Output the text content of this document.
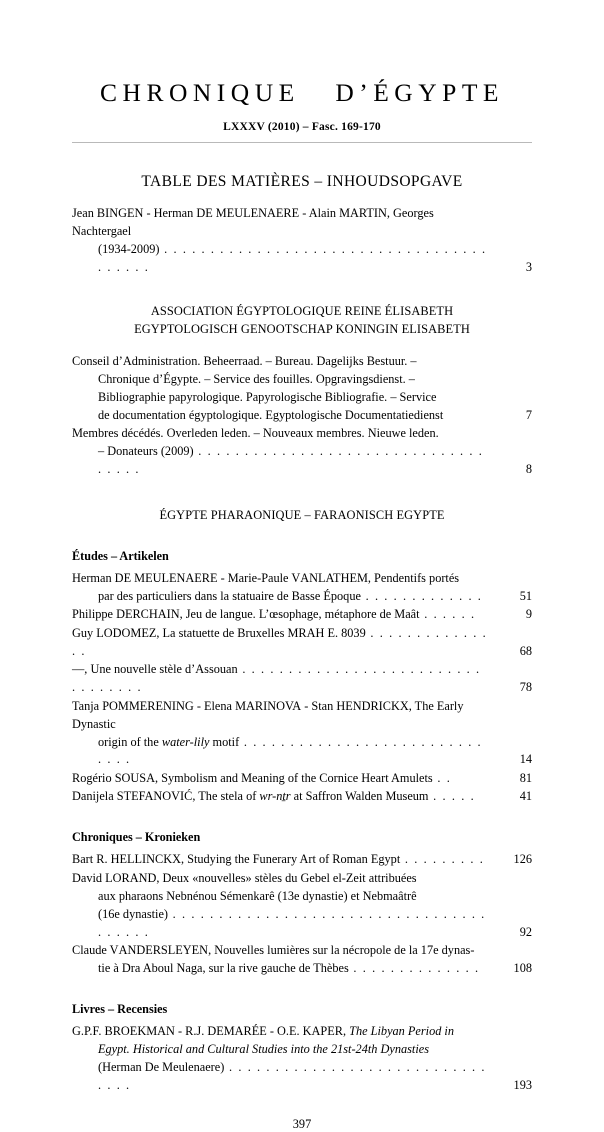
CHRONIQUE   D’ÉGYPTE
LXXXV (2010) – Fasc. 169-170
TABLE DES MATIÈRES – INHOUDSOPGAVE
Jean BINGEN - Herman DE MEULENAERE - Alain MARTIN, Georges Nachtergael
(1934-2009) . . . . . . . . . . . . . . . . . . . . . . . . . . . . . . . . . . . . . . . . .	3
ASSOCIATION ÉGYPTOLOGIQUE REINE ÉLISABETH
EGYPTOLOGISCH GENOOTSCHAP KONINGIN ELISABETH
Conseil d’Administration. Beheerraad. – Bureau. Dagelijks Bestuur. –
Chronique d’Égypte. – Service des fouilles. Opgravingsdienst. –
Bibliographie papyrologique. Papyrologische Bibliografie. – Service
de documentation égyptologique. Egyptologische Documentatiedienst	7
Membres décédés. Overleden leden. – Nouveaux membres. Nieuwe leden.
– Donateurs (2009) . . . . . . . . . . . . . . . . . . . . . . . . . . . . . . . . . . . .	8
ÉGYPTE PHARAONIQUE – FARAONISCH EGYPTE
Études – Artikelen
Herman DE MEULENAERE - Marie-Paule VANLATHEM, Pendentifs portés
par des particuliers dans la statuaire de Basse Époque . . . . . . . . . . . . .	51
Philippe DERCHAIN, Jeu de langue. L’œsophage, métaphore de Maât . . . . . .	9
Guy LODOMEZ, La statuette de Bruxelles MRAH E. 8039 . . . . . . . . . . . . . . .	68
—, Une nouvelle stèle d’Assouan . . . . . . . . . . . . . . . . . . . . . . . . . . . . . . . . . .	78
Tanja POMMERENING - Elena MARINOVA - Stan HENDRICKX, The Early Dynastic
origin of the water-lily motif . . . . . . . . . . . . . . . . . . . . . . . . . . . . . .	14
Rogério SOUSA, Symbolism and Meaning of the Cornice Heart Amulets . .	81
Danijela STEFANOVIĆ, The stela of wr-nṯr at Saffron Walden Museum . . . . .	41
Chroniques – Kronieken
Bart R. HELLINCKX, Studying the Funerary Art of Roman Egypt . . . . . . . . .	126
David LORAND, Deux «nouvelles» stèles du Gebel el-Zeit attribuées
aux pharaons Nebnénou Sémenkarê (13e dynastie) et Nebmaâtrê
(16e dynastie) . . . . . . . . . . . . . . . . . . . . . . . . . . . . . . . . . . . . . . . .	92
Claude VANDERSLEYEN, Nouvelles lumières sur la nécropole de la 17e dynas-
tie à Dra Aboul Naga, sur la rive gauche de Thèbes . . . . . . . . . . . . . .	108
Livres – Recensies
G.P.F. BROEKMAN - R.J. DEMARÉE - O.E. KAPER, The Libyan Period in
Egypt. Historical and Cultural Studies into the 21st-24th Dynasties
(Herman De Meulenaere) . . . . . . . . . . . . . . . . . . . . . . . . . . . . . . . .	193
397
